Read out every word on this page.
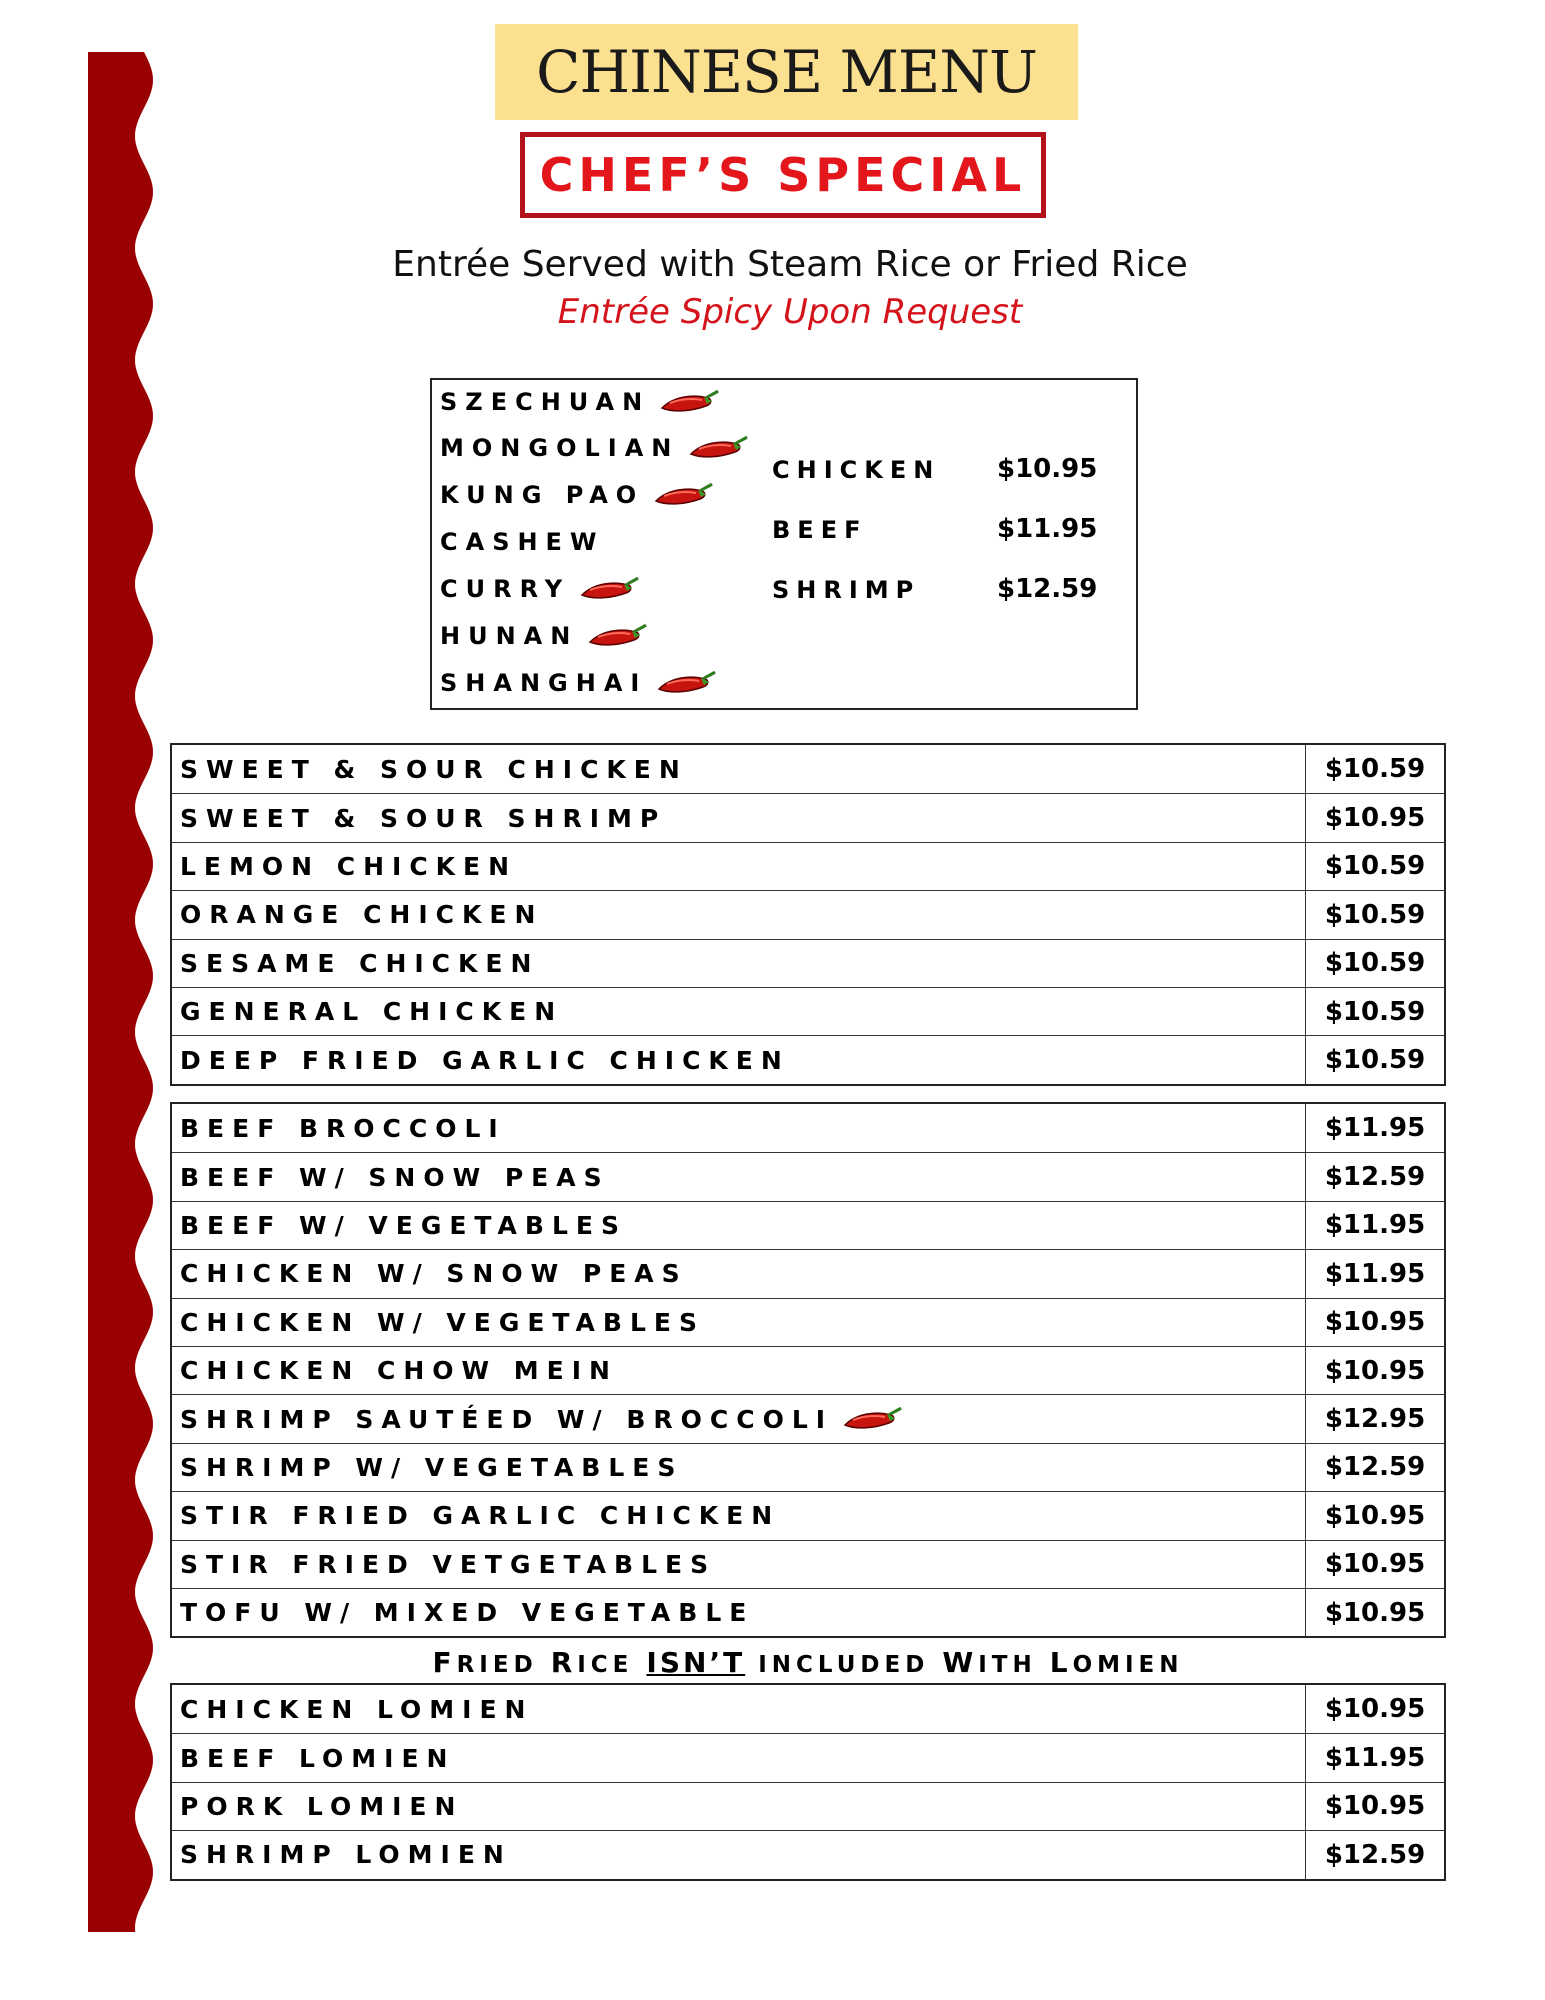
CHINESE MENU
CHEF’S SPECIAL
Entrée Served with Steam Rice or Fried Rice
Entrée Spicy Upon Request
SZECHUAN
MONGOLIAN
KUNG PAO
CASHEW
CURRY
HUNAN
SHANGHAI
CHICKEN $10.95
BEEF	$11.95
SHRIMP	$12.59
SWEET & SOUR CHICKEN	$10.59
SWEET & SOUR SHRIMP	$10.95
LEMON CHICKEN	$10.59
ORANGE CHICKEN	$10.59
SESAME CHICKEN	$10.59
GENERAL CHICKEN	$10.59
DEEP FRIED GARLIC CHICKEN	$10.59
BEEF BROCCOLI	$11.95
BEEF W/ SNOW PEAS	$12.59
BEEF W/ VEGETABLES	$11.95
CHICKEN W/ SNOW PEAS	$11.95
CHICKEN W/ VEGETABLES	$10.95
CHICKEN CHOW MEIN	$10.95
SHRIMP SAUTÉED W/ BROCCOLI	$12.95
SHRIMP W/ VEGETABLES	$12.59
STIR FRIED GARLIC CHICKEN	$10.95
STIR FRIED VETGETABLES	$10.95
TOFU W/ MIXED VEGETABLE	$10.95
FRIED RICE ISN’T INCLUDED WITH LOMIEN
CHICKEN LOMIEN	$10.95
BEEF LOMIEN	$11.95
PORK LOMIEN	$10.95
SHRIMP LOMIEN	$12.59
